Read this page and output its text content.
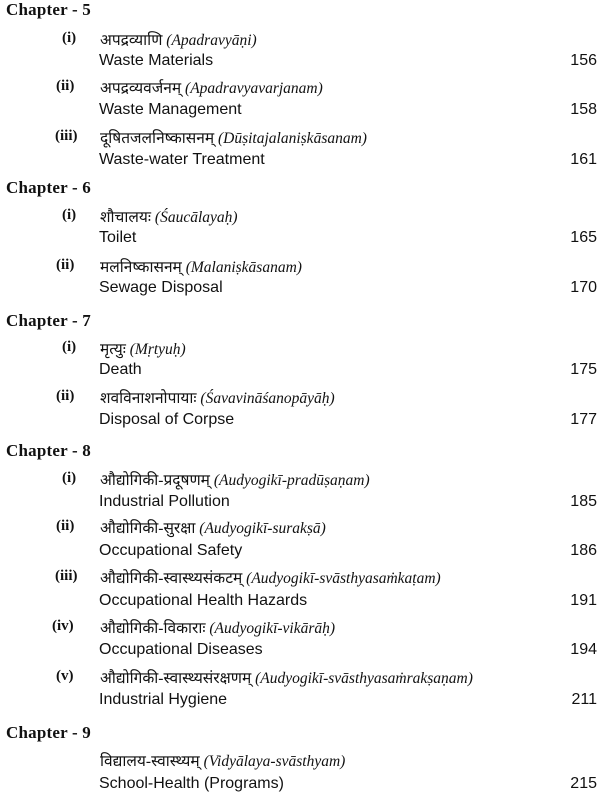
Chapter - 5
(i) अपद्रव्याणि (Apadravyāṇi)
Waste Materials	156
(ii) अपद्रव्यवर्जनम् (Apadravyavarjanam)
Waste Management	158
(iii) दूषितजलनिष्कासनम् (Dūṣitajalaniṣkāsanam)
Waste-water Treatment	161
Chapter - 6
(i) शौचालयः (Śaucālayaḥ)
Toilet	165
(ii) मलनिष्कासनम् (Malaniṣkāsanam)
Sewage Disposal	170
Chapter - 7
(i) मृत्युः (Mṛtyuḥ)
Death	175
(ii) शवविनाशनोपायाः (Śavavināśanopāyāḥ)
Disposal of Corpse	177
Chapter - 8
(i) औद्योगिकी-प्रदूषणम् (Audyogikī-pradūṣaṇam)
Industrial Pollution	185
(ii) औद्योगिकी-सुरक्षा (Audyogikī-surakṣā)
Occupational Safety	186
(iii) औद्योगिकी-स्वास्थ्यसंकटम् (Audyogikī-svāsthyasaṁkaṭam)
Occupational Health Hazards	191
(iv) औद्योगिकी-विकाराः (Audyogikī-vikārāḥ)
Occupational Diseases	194
(v) औद्योगिकी-स्वास्थ्यसंरक्षणम् (Audyogikī-svāsthyasaṁrakṣaṇam)
Industrial Hygiene	211
Chapter - 9
विद्यालय-स्वास्थ्यम् (Vidyālaya-svāsthyam)
School-Health (Programs)	215
